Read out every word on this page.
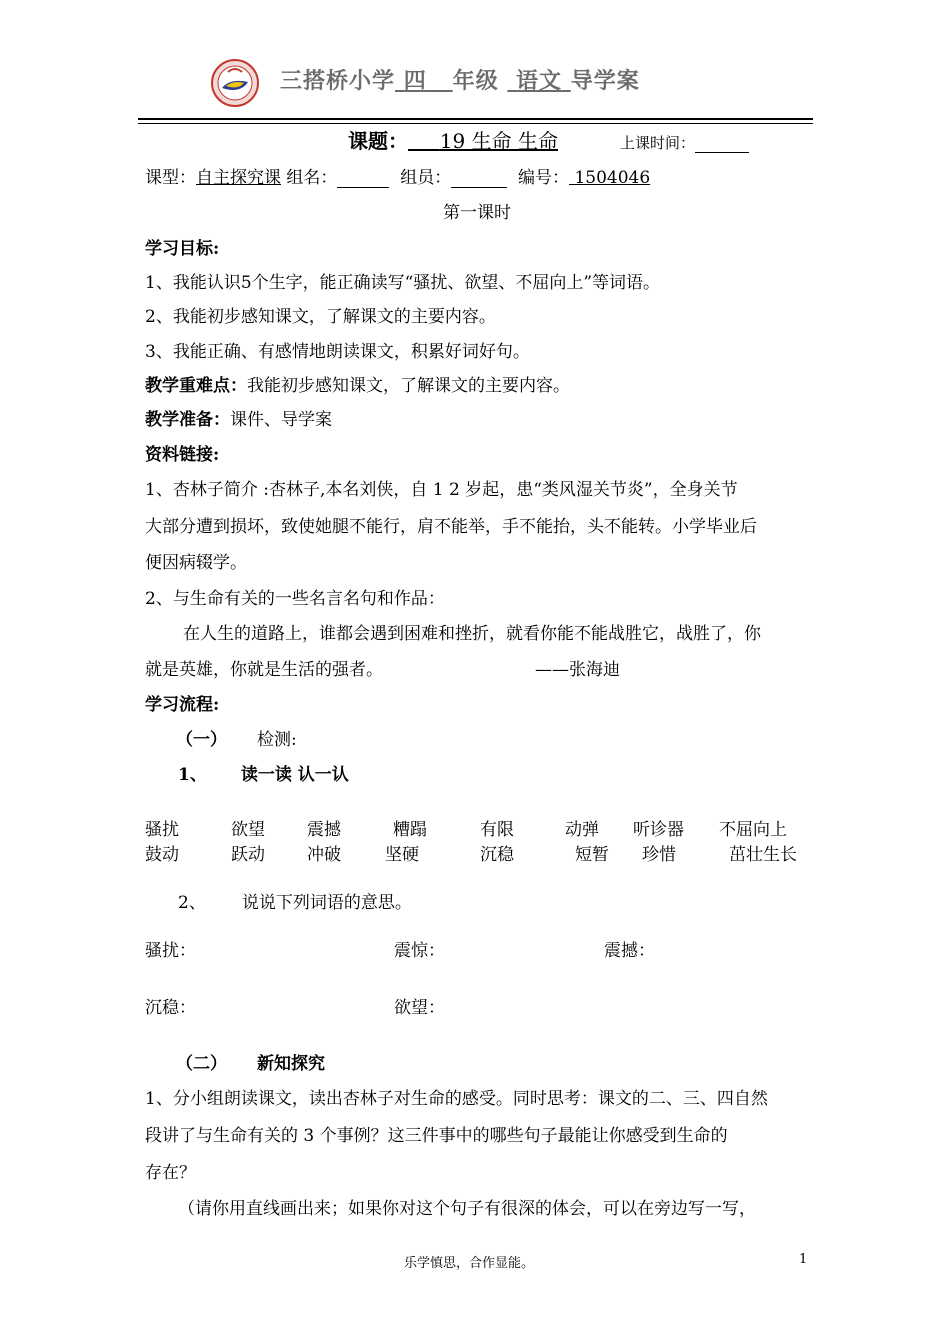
三搭桥小学 四 年级 语文 导学案
课题： 19 生命 生命	上课时间：
课型：自主探究课 组名：	组员：	编号： 1504046
第一课时
学习目标:
1、我能认识5个生字，能正确读写“骚扰、欲望、不屈向上”等词语。
2、我能初步感知课文，了解课文的主要内容。
3、我能正确、有感情地朗读课文，积累好词好句。
教学重难点：我能初步感知课文，了解课文的主要内容。
教学准备：课件、导学案
资料链接:
1、杏林子简介 :杏林子,本名刘侠，自 1 2 岁起，患“类风湿关节炎”，全身关节
大部分遭到损坏，致使她腿不能行，肩不能举，手不能抬，头不能转。小学毕业后
便因病辍学。
2、与生命有关的一些名言名句和作品：
在人生的道路上，谁都会遇到困难和挫折，就看你能不能战胜它，战胜了，你
就是英雄，你就是生活的强者。	——张海迪
学习流程:
（一） 检测:
1、 读一读 认一认
骚扰	欲望 震撼	糟蹋	有限	动弹 听诊器 不屈向上
鼓动	跃动 冲破	坚硬	沉稳	短暂 珍惜	茁壮生长
2、 说说下列词语的意思。
骚扰：	震惊：	震撼：
沉稳：	欲望：
（二） 新知探究
1、分小组朗读课文，读出杏林子对生命的感受。同时思考：课文的二、三、四自然
段讲了与生命有关的 3 个事例？这三件事中的哪些句子最能让你感受到生命的
存在？
（请你用直线画出来；如果你对这个句子有很深的体会，可以在旁边写一写，
乐学慎思，合作显能。	1
